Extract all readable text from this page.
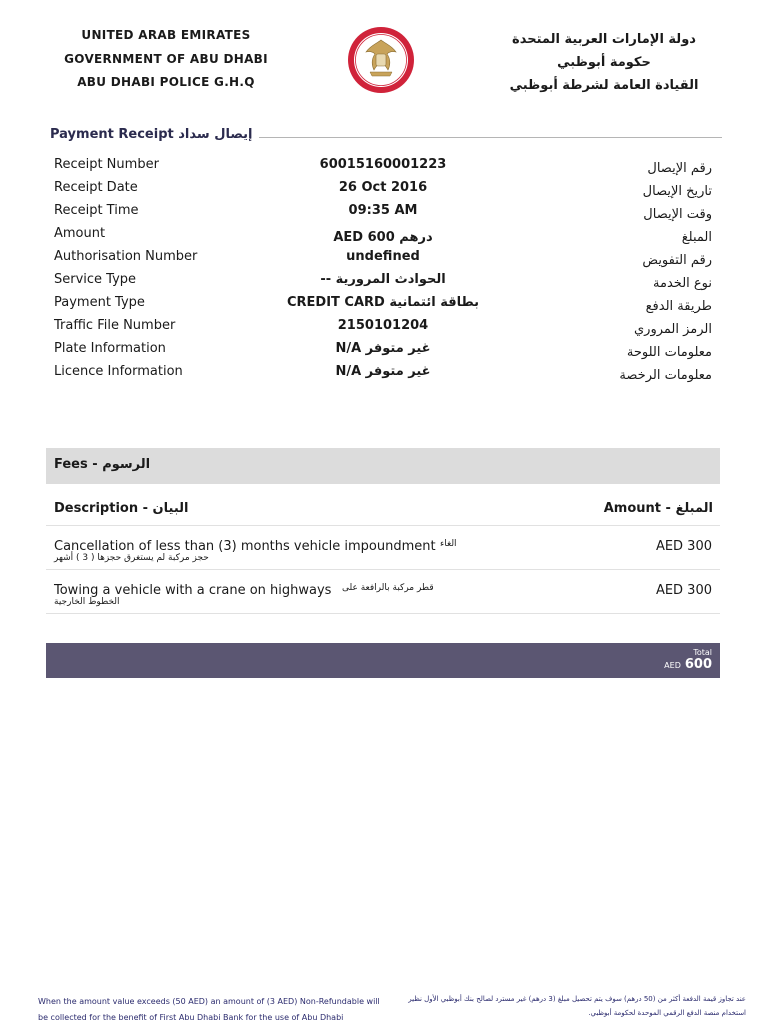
UNITED ARAB EMIRATES
GOVERNMENT OF ABU DHABI
ABU DHABI POLICE G.H.Q
دولة الإمارات العربية المتحدة
حكومة أبوظبي
القيادة العامة لشرطة أبوظبي
Payment Receipt إيصال سداد
Receipt Number	60015160001223	رقم الإيصال
Receipt Date	26 Oct 2016	تاريخ الإيصال
Receipt Time	09:35 AM	وقت الإيصال
Amount	AED 600 درهم	المبلغ
Authorisation Number	undefined	رقم التفويض
Service Type	-- الحوادث المرورية	نوع الخدمة
Payment Type	CREDIT CARD بطاقة ائتمانية	طريقة الدفع
Traffic File Number	2150101204	الرمز المروري
Plate Information	N/A غير متوفر	معلومات اللوحة
Licence Information	N/A غير متوفر	معلومات الرخصة
Fees - الرسوم
Description - البيان	Amount - المبلغ
Cancellation of less than (3) months vehicle impoundment الغاء
حجز مركبة لم يستغرق حجزها ( 3 ) أشهر
AED 300
Towing a vehicle with a crane on highways قطر مركبة بالرافعة على
الخطوط الخارجية
AED 300
Total
AED 600
When the amount value exceeds (50 AED) an amount of (3 AED) Non-Refundable will be collected for the benefit of First Abu Dhabi Bank for the use of Abu Dhabi
عند تجاوز قيمة الدفعة أكثر من (50 درهم) سوف يتم تحصيل مبلغ (3 درهم) غير مسترد لصالح بنك أبوظبي الأول نظير استخدام منصة الدفع الرقمي الموحدة لحكومة أبوظبي.
